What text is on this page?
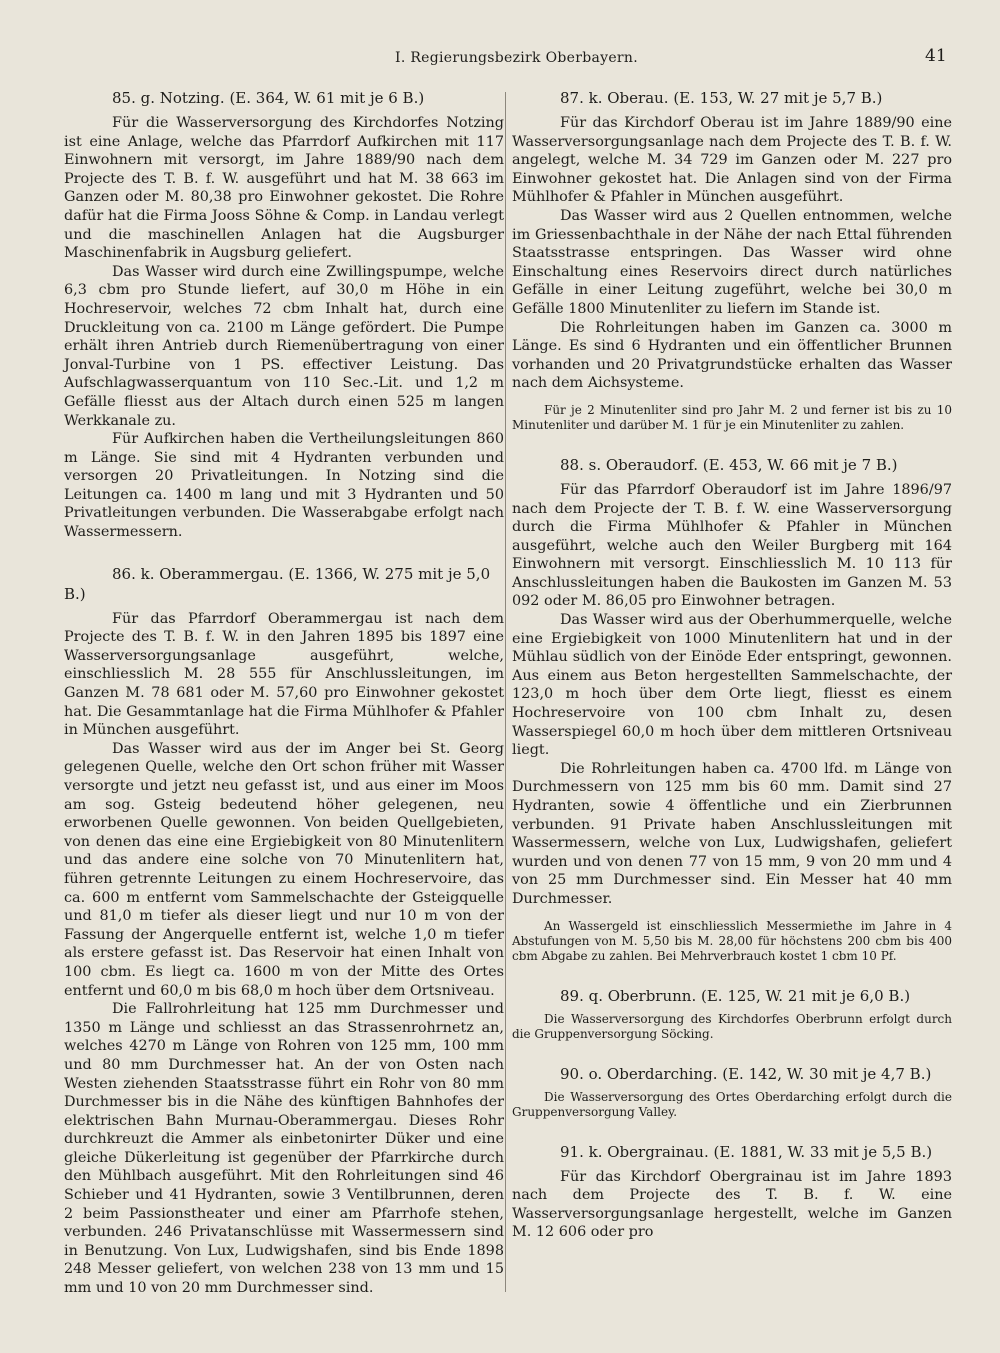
I. Regierungsbezirk Oberbayern.	41
85. g. Notzing. (E. 364, W. 61 mit je 6 B.)

Für die Wasserversorgung des Kirchdorfes Notzing ist eine Anlage, welche das Pfarrdorf Aufkirchen mit 117 Einwohnern mit versorgt, im Jahre 1889/90 nach dem Projecte des T. B. f. W. ausgeführt und hat M. 38 663 im Ganzen oder M. 80,38 pro Einwohner gekostet. Die Rohre dafür hat die Firma Jooss Söhne & Comp. in Landau verlegt und die maschinellen Anlagen hat die Augsburger Maschinenfabrik in Augsburg geliefert.

Das Wasser wird durch eine Zwillingspumpe, welche 6,3 cbm pro Stunde liefert, auf 30,0 m Höhe in ein Hochreservoir, welches 72 cbm Inhalt hat, durch eine Druckleitung von ca. 2100 m Länge gefördert. Die Pumpe erhält ihren Antrieb durch Riemenübertragung von einer Jonval-Turbine von 1 PS. effectiver Leistung. Das Aufschlagwasserquantum von 110 Sec.-Lit. und 1,2 m Gefälle fliesst aus der Altach durch einen 525 m langen Werkkanale zu.

Für Aufkirchen haben die Vertheilungsleitungen 860 m Länge. Sie sind mit 4 Hydranten verbunden und versorgen 20 Privatleitungen. In Notzing sind die Leitungen ca. 1400 m lang und mit 3 Hydranten und 50 Privatleitungen verbunden. Die Wasserabgabe erfolgt nach Wassermessern.

86. k. Oberammergau. (E. 1366, W. 275 mit je 5,0 B.)

Für das Pfarrdorf Oberammergau ist nach dem Projecte des T. B. f. W. in den Jahren 1895 bis 1897 eine Wasserversorgungsanlage ausgeführt, welche, einschliesslich M. 28 555 für Anschlussleitungen, im Ganzen M. 78 681 oder M. 57,60 pro Einwohner gekostet hat. Die Gesammtanlage hat die Firma Mühlhofer & Pfahler in München ausgeführt.

Das Wasser wird aus der im Anger bei St. Georg gelegenen Quelle, welche den Ort schon früher mit Wasser versorgte und jetzt neu gefasst ist, und aus einer im Moos am sog. Gsteig bedeutend höher gelegenen, neu erworbenen Quelle gewonnen. Von beiden Quellgebieten, von denen das eine eine Ergiebigkeit von 80 Minutenlitern und das andere eine solche von 70 Minutenlitern hat, führen getrennte Leitungen zu einem Hochreservoire, das ca. 600 m entfernt vom Sammelschachte der Gsteigquelle und 81,0 m tiefer als dieser liegt und nur 10 m von der Fassung der Angerquelle entfernt ist, welche 1,0 m tiefer als erstere gefasst ist. Das Reservoir hat einen Inhalt von 100 cbm. Es liegt ca. 1600 m von der Mitte des Ortes entfernt und 60,0 m bis 68,0 m hoch über dem Ortsniveau.

Die Fallrohrleitung hat 125 mm Durchmesser und 1350 m Länge und schliesst an das Strassenrohrnetz an, welches 4270 m Länge von Rohren von 125 mm, 100 mm und 80 mm Durchmesser hat. An der von Osten nach Westen ziehenden Staatsstrasse führt ein Rohr von 80 mm Durchmesser bis in die Nähe des künftigen Bahnhofes der elektrischen Bahn Murnau-Oberammergau. Dieses Rohr durchkreuzt die Ammer als einbetonirter Düker und eine gleiche Dükerleitung ist gegenüber der Pfarrkirche durch den Mühlbach ausgeführt. Mit den Rohrleitungen sind 46 Schieber und 41 Hydranten, sowie 3 Ventilbrunnen, deren 2 beim Passionstheater und einer am Pfarrhofe stehen, verbunden. 246 Privatanschlüsse mit Wassermessern sind in Benutzung. Von Lux, Ludwigshafen, sind bis Ende 1898 248 Messer geliefert, von welchen 238 von 13 mm und 15 mm und 10 von 20 mm Durchmesser sind.

87. k. Oberau. (E. 153, W. 27 mit je 5,7 B.)

Für das Kirchdorf Oberau ist im Jahre 1889/90 eine Wasserversorgungsanlage nach dem Projecte des T. B. f. W. angelegt, welche M. 34 729 im Ganzen oder M. 227 pro Einwohner gekostet hat. Die Anlagen sind von der Firma Mühlhofer & Pfahler in München ausgeführt.

Das Wasser wird aus 2 Quellen entnommen, welche im Griessenbachthale in der Nähe der nach Ettal führenden Staatsstrasse entspringen. Das Wasser wird ohne Einschaltung eines Reservoirs direct durch natürliches Gefälle in einer Leitung zugeführt, welche bei 30,0 m Gefälle 1800 Minutenliter zu liefern im Stande ist.

Die Rohrleitungen haben im Ganzen ca. 3000 m Länge. Es sind 6 Hydranten und ein öffentlicher Brunnen vorhanden und 20 Privatgrundstücke erhalten das Wasser nach dem Aichsysteme.

Für je 2 Minutenliter sind pro Jahr M. 2 und ferner ist bis zu 10 Minutenliter und darüber M. 1 für je ein Minutenliter zu zahlen.

88. s. Oberaudorf. (E. 453, W. 66 mit je 7 B.)

Für das Pfarrdorf Oberaudorf ist im Jahre 1896/97 nach dem Projecte der T. B. f. W. eine Wasserversorgung durch die Firma Mühlhofer & Pfahler in München ausgeführt, welche auch den Weiler Burgberg mit 164 Einwohnern mit versorgt. Einschliesslich M. 10 113 für Anschlussleitungen haben die Baukosten im Ganzen M. 53 092 oder M. 86,05 pro Einwohner betragen.

Das Wasser wird aus der Oberhummerquelle, welche eine Ergiebigkeit von 1000 Minutenlitern hat und in der Mühlau südlich von der Einöde Eder entspringt, gewonnen. Aus einem aus Beton hergestellten Sammelschachte, der 123,0 m hoch über dem Orte liegt, fliesst es einem Hochreservoire von 100 cbm Inhalt zu, desen Wasserspiegel 60,0 m hoch über dem mittleren Ortsniveau liegt.

Die Rohrleitungen haben ca. 4700 lfd. m Länge von Durchmessern von 125 mm bis 60 mm. Damit sind 27 Hydranten, sowie 4 öffentliche und ein Zierbrunnen verbunden. 91 Private haben Anschlussleitungen mit Wassermessern, welche von Lux, Ludwigshafen, geliefert wurden und von denen 77 von 15 mm, 9 von 20 mm und 4 von 25 mm Durchmesser sind. Ein Messer hat 40 mm Durchmesser.

An Wassergeld ist einschliesslich Messermiethe im Jahre in 4 Abstufungen von M. 5,50 bis M. 28,00 für höchstens 200 cbm bis 400 cbm Abgabe zu zahlen. Bei Mehrverbrauch kostet 1 cbm 10 Pf.

89. q. Oberbrunn. (E. 125, W. 21 mit je 6,0 B.)

Die Wasserversorgung des Kirchdorfes Oberbrunn erfolgt durch die Gruppenversorgung Söcking.

90. o. Oberdarching. (E. 142, W. 30 mit je 4,7 B.)

Die Wasserversorgung des Ortes Oberdarching erfolgt durch die Gruppenversorgung Valley.

91. k. Obergrainau. (E. 1881, W. 33 mit je 5,5 B.)

Für das Kirchdorf Obergrainau ist im Jahre 1893 nach dem Projecte des T. B. f. W. eine Wasserversorgungsanlage hergestellt, welche im Ganzen M. 12 606 oder pro
